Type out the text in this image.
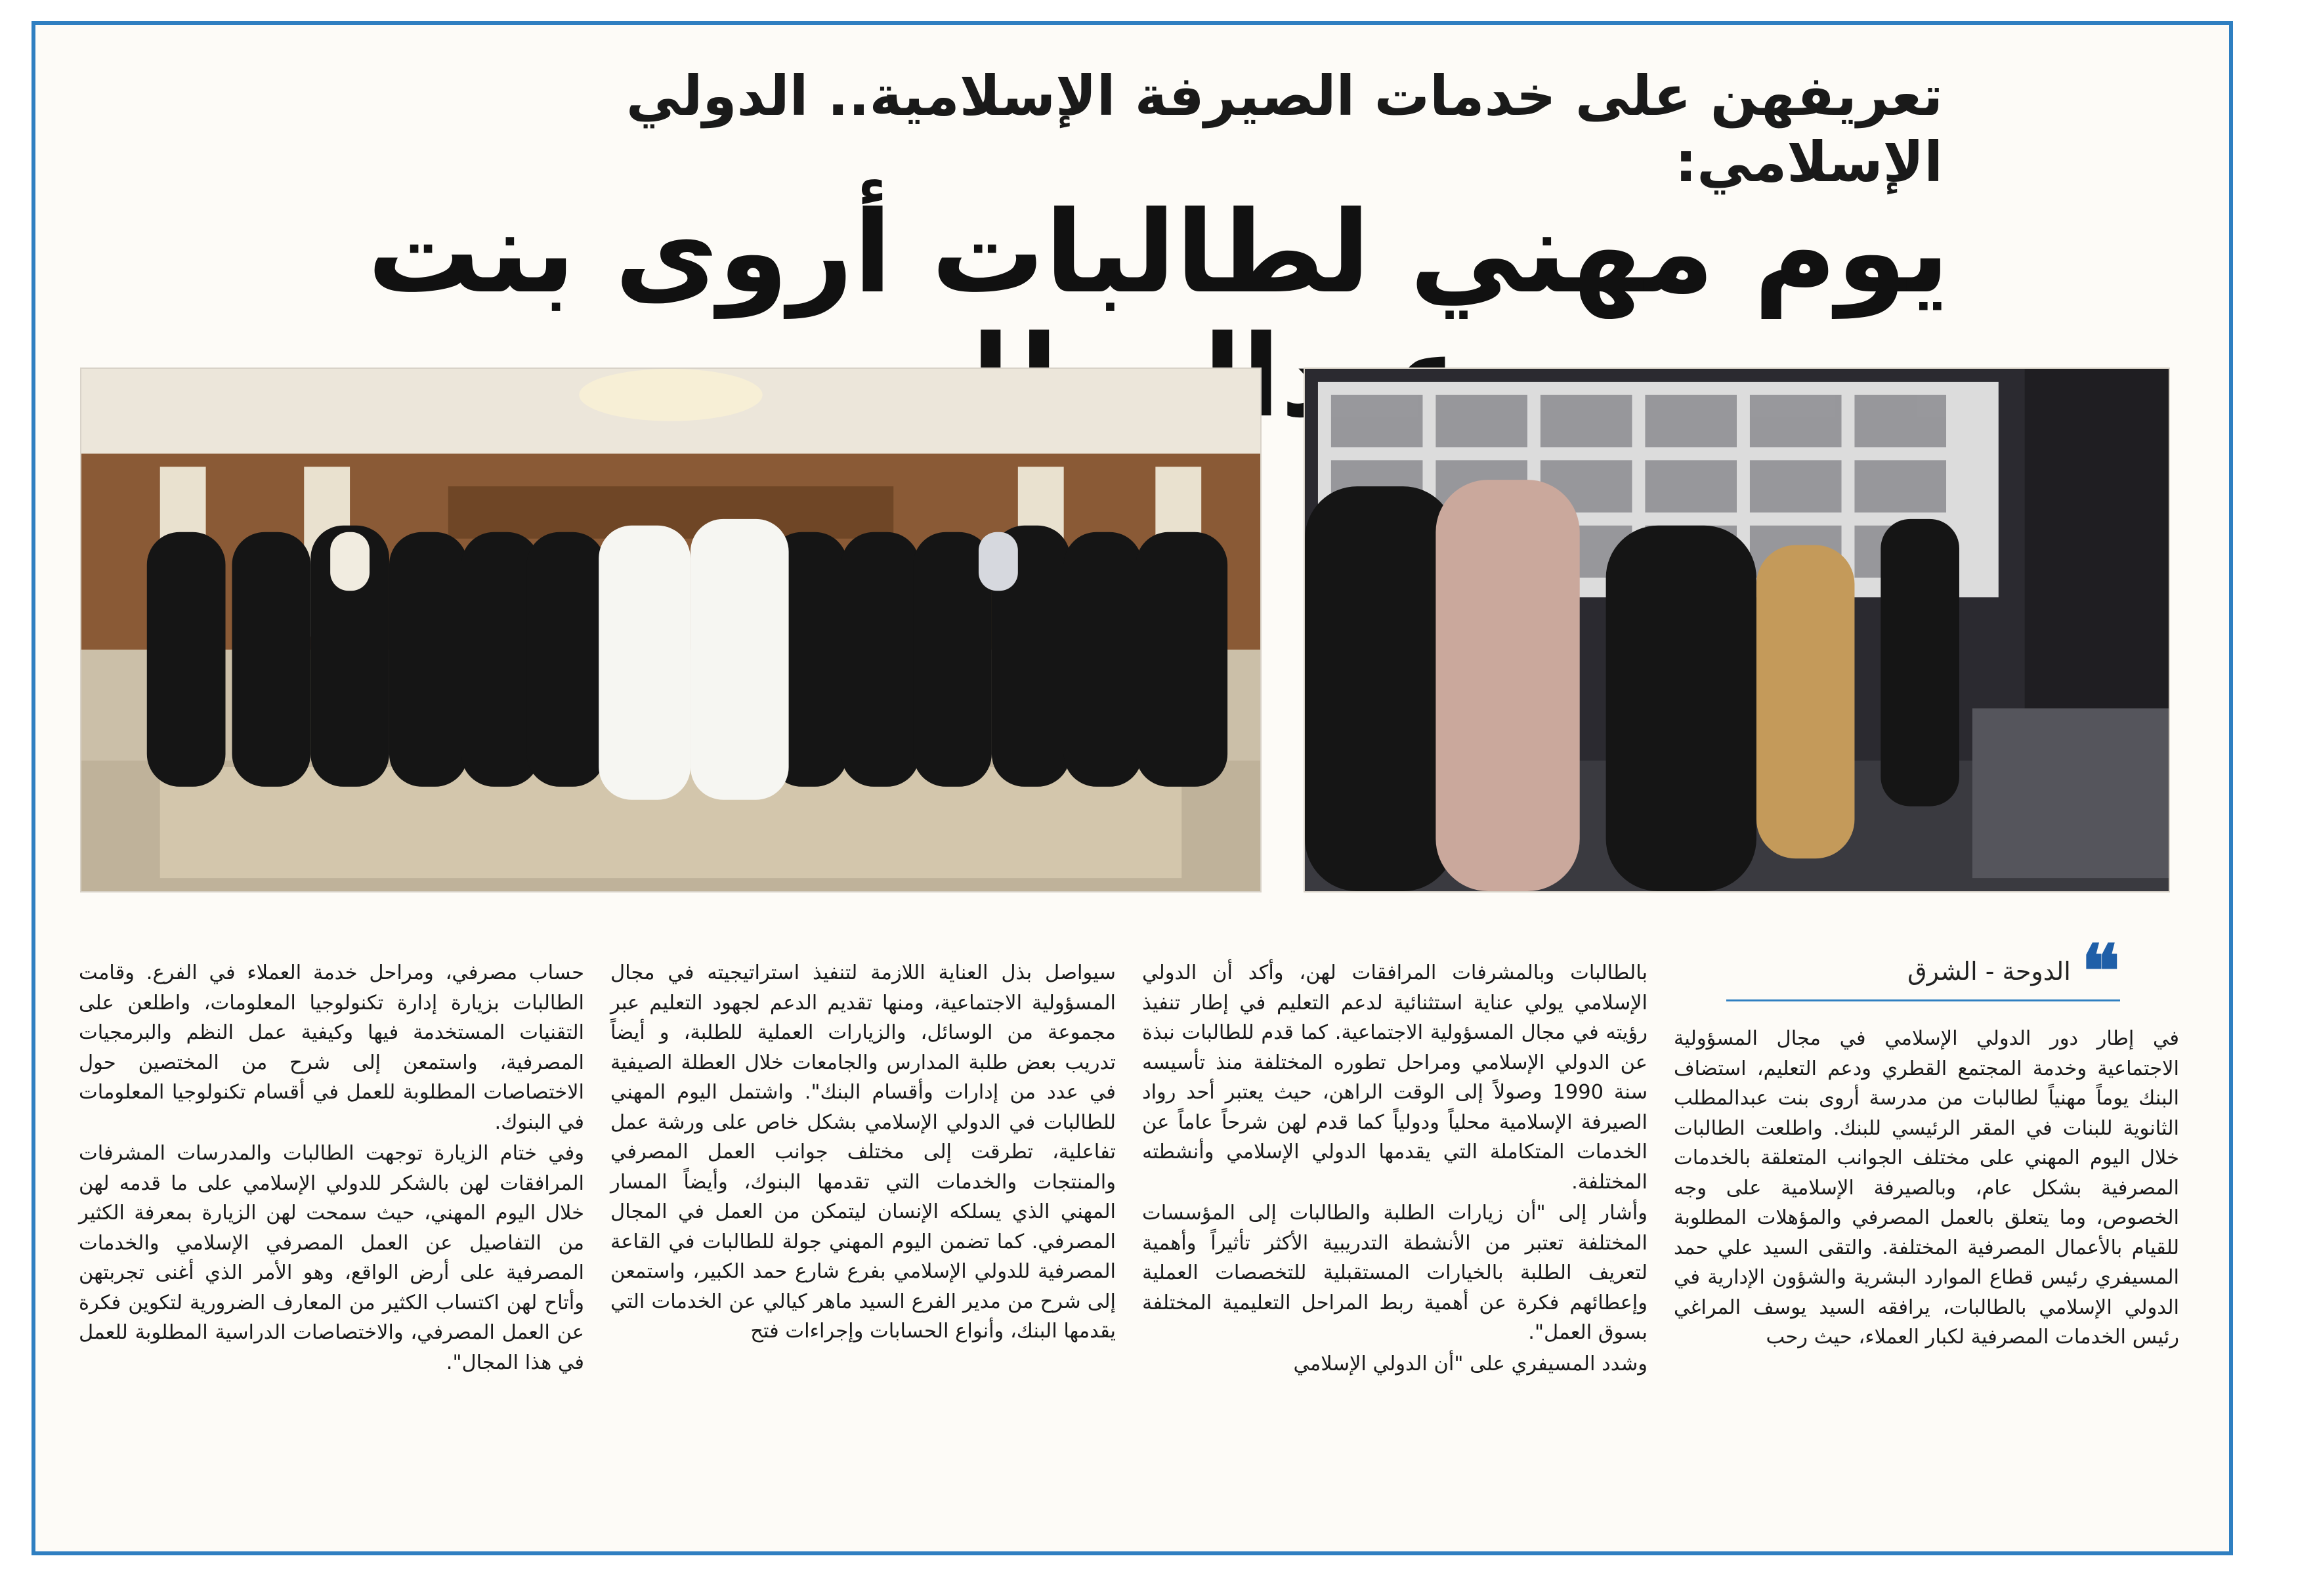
تعريفهن على خدمات الصيرفة الإسلامية.. الدولي الإسلامي:
يوم مهني لطالبات أروى بنت
❝
الدوحة - الشرق

في إطار دور الدولي الإسلامي في مجال المسؤولية الاجتماعية وخدمة المجتمع القطري ودعم التعليم، استضاف البنك يوماً مهنياً لطالبات من مدرسة أروى بنت عبدالمطلب الثانوية للبنات في المقر الرئيسي للبنك. واطلعت الطالبات خلال اليوم المهني على مختلف الجوانب المتعلقة بالخدمات المصرفية بشكل عام، وبالصيرفة الإسلامية على وجه الخصوص، وما يتعلق بالعمل المصرفي والمؤهلات المطلوبة للقيام بالأعمال المصرفية المختلفة. والتقى السيد علي حمد المسيفري رئيس قطاع الموارد البشرية والشؤون الإدارية في الدولي الإسلامي بالطالبات، يرافقه السيد يوسف المراغي رئيس الخدمات المصرفية لكبار العملاء، حيث رحب

بالطالبات وبالمشرفات المرافقات لهن، وأكد أن الدولي الإسلامي يولي عناية استثنائية لدعم التعليم في إطار تنفيذ رؤيته في مجال المسؤولية الاجتماعية. كما قدم للطالبات نبذة عن الدولي الإسلامي ومراحل تطوره المختلفة منذ تأسيسه سنة 1990 وصولاً إلى الوقت الراهن، حيث يعتبر أحد رواد الصيرفة الإسلامية محلياً ودولياً كما قدم لهن شرحاً عاماً عن الخدمات المتكاملة التي يقدمها الدولي الإسلامي وأنشطته المختلفة.

وأشار إلى "أن زيارات الطلبة والطالبات إلى المؤسسات المختلفة تعتبر من الأنشطة التدريبية الأكثر تأثيراً وأهمية لتعريف الطلبة بالخيارات المستقبلية للتخصصات العملية وإعطائهم فكرة عن أهمية ربط المراحل التعليمية المختلفة بسوق العمل".

وشدد المسيفري على "أن الدولي الإسلامي

سيواصل بذل العناية اللازمة لتنفيذ استراتيجيته في مجال المسؤولية الاجتماعية، ومنها تقديم الدعم لجهود التعليم عبر مجموعة من الوسائل، والزيارات العملية للطلبة، و أيضاً تدريب بعض طلبة المدارس والجامعات خلال العطلة الصيفية في عدد من إدارات وأقسام البنك". واشتمل اليوم المهني للطالبات في الدولي الإسلامي بشكل خاص على ورشة عمل تفاعلية، تطرقت إلى مختلف جوانب العمل المصرفي والمنتجات والخدمات التي تقدمها البنوك، وأيضاً المسار المهني الذي يسلكه الإنسان ليتمكن من العمل في المجال المصرفي. كما تضمن اليوم المهني جولة للطالبات في القاعة المصرفية للدولي الإسلامي بفرع شارع حمد الكبير، واستمعن إلى شرح من مدير الفرع السيد ماهر كيالي عن الخدمات التي يقدمها البنك، وأنواع الحسابات وإجراءات فتح

حساب مصرفي، ومراحل خدمة العملاء في الفرع. وقامت الطالبات بزيارة إدارة تكنولوجيا المعلومات، واطلعن على التقنيات المستخدمة فيها وكيفية عمل النظم والبرمجيات المصرفية، واستمعن إلى شرح من المختصين حول الاختصاصات المطلوبة للعمل في أقسام تكنولوجيا المعلومات في البنوك.

وفي ختام الزيارة توجهت الطالبات والمدرسات المشرفات المرافقات لهن بالشكر للدولي الإسلامي على ما قدمه لهن خلال اليوم المهني، حيث سمحت لهن الزيارة بمعرفة الكثير من التفاصيل عن العمل المصرفي الإسلامي والخدمات المصرفية على أرض الواقع، وهو الأمر الذي أغنى تجربتهن وأتاح لهن اكتساب الكثير من المعارف الضرورية لتكوين فكرة عن العمل المصرفي، والاختصاصات الدراسية المطلوبة للعمل في هذا المجال".
